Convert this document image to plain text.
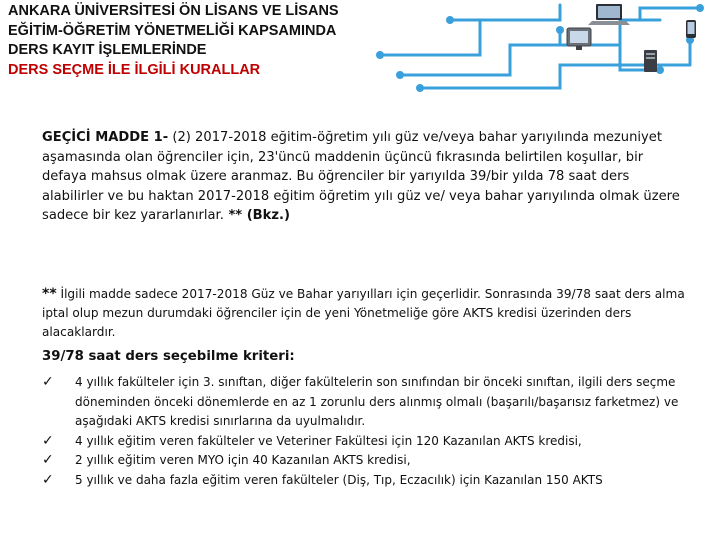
ANKARA ÜNİVERSİTESİ ÖN LİSANS VE LİSANS
EĞİTİM-ÖĞRETİM YÖNETMELİĞİ KAPSAMINDA
DERS KAYIT İŞLEMLERİNDE
DERS SEÇME İLE İLGİLİ KURALLAR
GEÇİCİ MADDE 1- (2) 2017-2018 eğitim-öğretim yılı güz ve/veya bahar yarıyılında mezuniyet aşamasında olan öğrenciler için, 23'üncü maddenin üçüncü fıkrasında belirtilen koşullar, bir defaya mahsus olmak üzere aranmaz. Bu öğrenciler bir yarıyılda 39/bir yılda 78 saat ders alabilirler ve bu haktan 2017-2018 eğitim öğretim yılı güz ve/ veya bahar yarıyılında olmak üzere sadece bir kez yararlanırlar. ** (Bkz.)
** İlgili madde sadece 2017-2018 Güz ve Bahar yarıyılları için geçerlidir. Sonrasında 39/78 saat ders alma iptal olup mezun durumdaki öğrenciler için de yeni Yönetmeliğe göre AKTS kredisi üzerinden ders alacaklardır.
39/78 saat ders seçebilme kriteri:
✓ 4 yıllık fakülteler için 3. sınıftan, diğer fakültelerin son sınıfından bir önceki sınıftan, ilgili ders seçme döneminden önceki dönemlerde en az 1 zorunlu ders alınmış olmalı (başarılı/başarısız farketmez) ve aşağıdaki AKTS kredisi sınırlarına da uyulmalıdır.
✓ 4 yıllık eğitim veren fakülteler ve Veteriner Fakültesi için 120 Kazanılan AKTS kredisi,
✓ 2 yıllık eğitim veren MYO için 40 Kazanılan AKTS kredisi,
✓ 5 yıllık ve daha fazla eğitim veren fakülteler (Diş, Tıp, Eczacılık) için Kazanılan 150 AKTS
